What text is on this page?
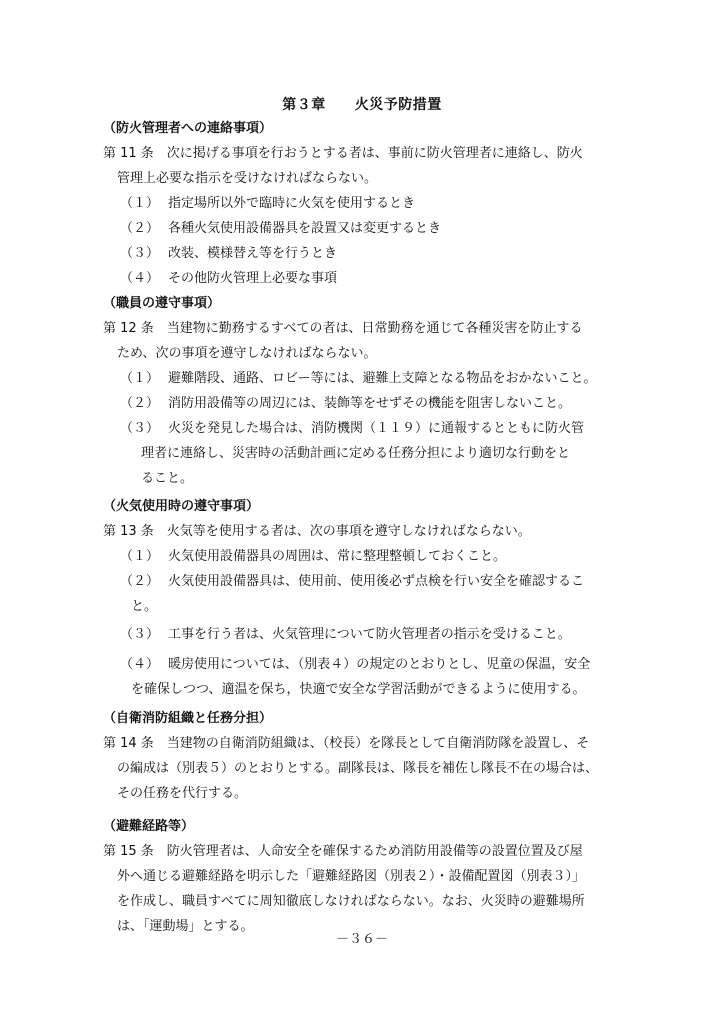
第３章　　火災予防措置
（防火管理者への連絡事項）
第 11 条　次に掲げる事項を行おうとする者は、事前に防火管理者に連絡し、防火
管理上必要な指示を受けなければならない。
（１） 指定場所以外で臨時に火気を使用するとき
（２） 各種火気使用設備器具を設置又は変更するとき
（３） 改装、模様替え等を行うとき
（４） その他防火管理上必要な事項
（職員の遵守事項）
第 12 条　当建物に勤務するすべての者は、日常勤務を通じて各種災害を防止する
ため、次の事項を遵守しなければならない。
（１） 避難階段、通路、ロビー等には、避難上支障となる物品をおかないこと。
（２） 消防用設備等の周辺には、装飾等をせずその機能を阻害しないこと。
（３） 火災を発見した場合は、消防機関（１１９）に通報するとともに防火管
理者に連絡し、災害時の活動計画に定める任務分担により適切な行動をと
ること。
（火気使用時の遵守事項）
第 13 条　火気等を使用する者は、次の事項を遵守しなければならない。
（１） 火気使用設備器具の周囲は、常に整理整頓しておくこと。
（２） 火気使用設備器具は、使用前、使用後必ず点検を行い安全を確認するこ
と。
（３） 工事を行う者は、火気管理について防火管理者の指示を受けること。
（４） 暖房使用については、（別表４）の規定のとおりとし、児童の保温，安全
を確保しつつ、適温を保ち，快適で安全な学習活動ができるように使用する。
（自衛消防組織と任務分担）
第 14 条　当建物の自衛消防組織は、（校長）を隊長として自衛消防隊を設置し、そ
の編成は（別表５）のとおりとする。副隊長は、隊長を補佐し隊長不在の場合は、
その任務を代行する。
（避難経路等）
第 15 条　防火管理者は、人命安全を確保するため消防用設備等の設置位置及び屋
外へ通じる避難経路を明示した「避難経路図（別表２）・設備配置図（別表３）」
を作成し、職員すべてに周知徹底しなければならない。なお、火災時の避難場所
は、「運動場」とする。
－３６－
